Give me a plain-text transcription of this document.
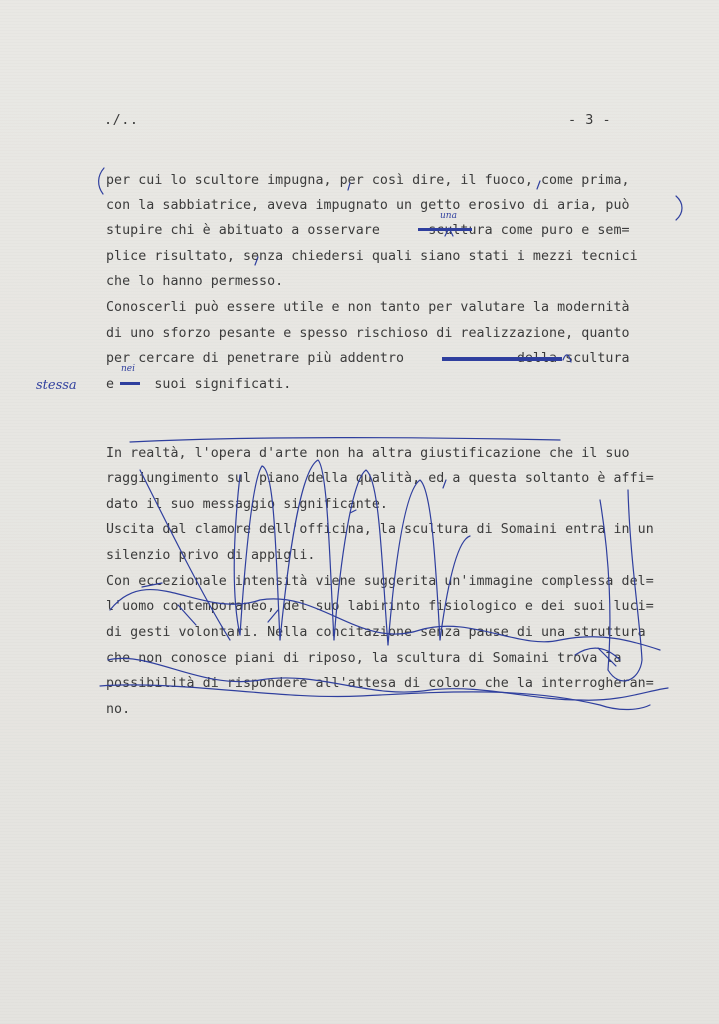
./..	- 3 -
per cui lo scultore impugna, per così dire, il fuoco, come prima,
con la sabbiatrice, aveva impugnato un getto erosivo di aria, può
stupire chi è abituato a osservare      scultura come puro e sem=
plice risultato, senza chiedersi quali siano stati i mezzi tecnici
che lo hanno permesso.
Conoscerli può essere utile e non tanto per valutare la modernità
di uno sforzo pesante e spesso rischioso di realizzazione, quanto
per cercare di penetrare più addentro              della scultura
e     suoi significati.
In realtà, l'opera d'arte non ha altra giustificazione che il suo
raggiungimento sul piano della qualità, ed a questa soltanto è affi=
dato il suo messaggio significante.
Uscita dal clamore dell'officina, la scultura di Somaini entra in un
silenzio privo di appigli.
Con eccezionale intensità viene suggerita un'immagine complessa del=
l'uomo contemporaneo, del suo labirinto fisiologico e dei suoi luci=
di gesti volontari. Nella concitazione senza pause di una struttura
che non conosce piani di riposo, la scultura di Somaini trova la
possibilità di rispondere all'attesa di coloro che la interrogheran=
no.
stessa
una
nei
